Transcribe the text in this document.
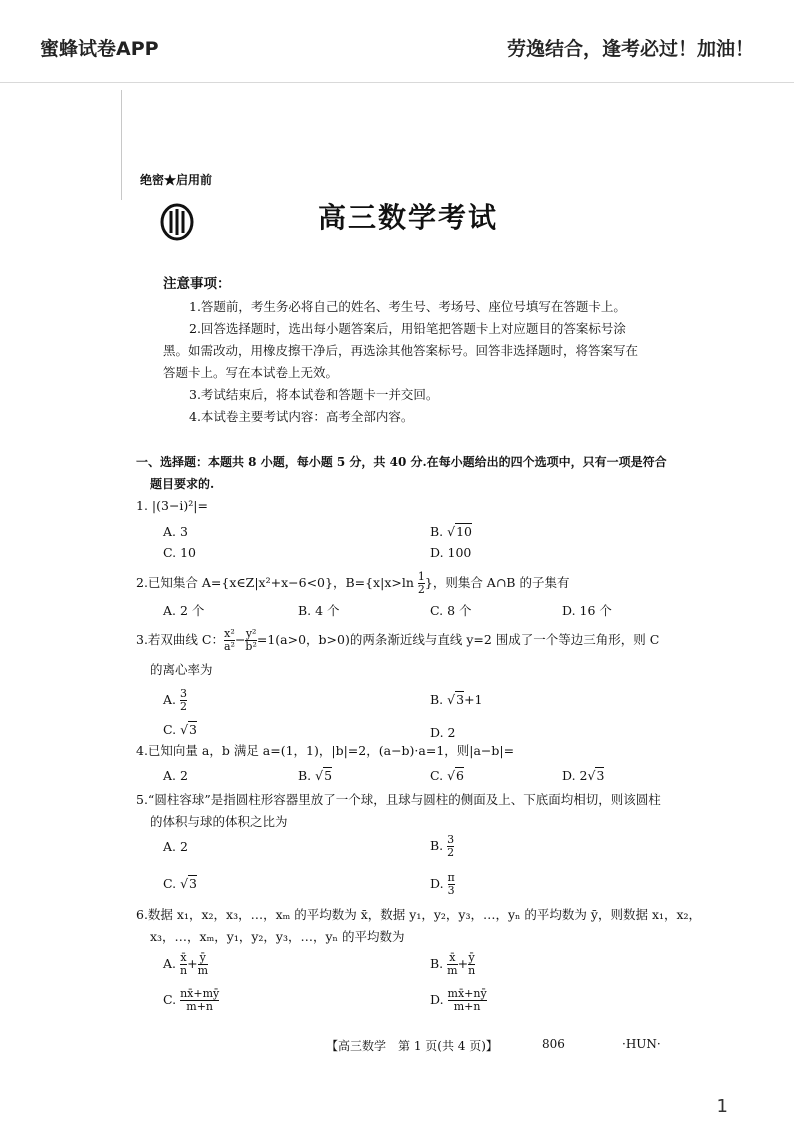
蜜蜂试卷APP	劳逸结合，逢考必过！加油！
绝密★启用前
高三数学考试
注意事项：
1.答题前，考生务必将自己的姓名、考生号、考场号、座位号填写在答题卡上。
2.回答选择题时，选出每小题答案后，用铅笔把答题卡上对应题目的答案标号涂
黑。如需改动，用橡皮擦干净后，再选涂其他答案标号。回答非选择题时，将答案写在
答题卡上。写在本试卷上无效。
3.考试结束后，将本试卷和答题卡一并交回。
4.本试卷主要考试内容：高考全部内容。
一、选择题：本题共 8 小题，每小题 5 分，共 40 分.在每小题给出的四个选项中，只有一项是符合
题目要求的.
1. |(3−i)²|=
A. 3	B. √10
C. 10	D. 100
2.已知集合 A={x∈Z|x²+x−6<0}，$B=\{x|x>\ln \frac{1}{2}$ }，则集合 A∩B 的子集有
A. 2 个	B. 4 个	C. 8 个	D. 16 个
3.若双曲线 C： $\frac{\text{x²}}{\text{a²}} - \frac{\text{y²}}{\text{b²}} =1(a>0$，b>0)的两条渐近线与直线 y=2 围成了一个等边三角形，则 C
的离心率为
A. $\frac{3}{2}$	B. √3+1
C. √3	D. 2
4.已知向量 a，b 满足 a=(1，1)，|b|=2，(a−b)·a=1，则|a−b|=
A. 2	B. √5	C. √6	D. 2√3
5.“圆柱容球”是指圆柱形容器里放了一个球，且球与圆柱的侧面及上、下底面均相切，则该圆柱
的体积与球的体积之比为
A. 2	B. $\frac{3}{2}$
C. √3	D. $\frac{\pi}{3}$
6.数据 x₁，x₂，x₃，…，xₘ 的平均数为 x̄，数据 y₁，y₂，y₃，…，yₙ 的平均数为 ȳ，则数据 x₁，x₂，
x₃，…，xₘ，y₁，y₂，y₃，…，yₙ 的平均数为
A. $\frac{x̄}{n} + \frac{ȳ}{m}$	B. $\frac{x̄}{m} + \frac{ȳ}{n}$
C. $\frac{nx̄+mȳ}{m+n}$	D. $\frac{mx̄+nȳ}{m+n}$
【高三数学　第 1 页(共 4 页)】	806	·HUN·
1
